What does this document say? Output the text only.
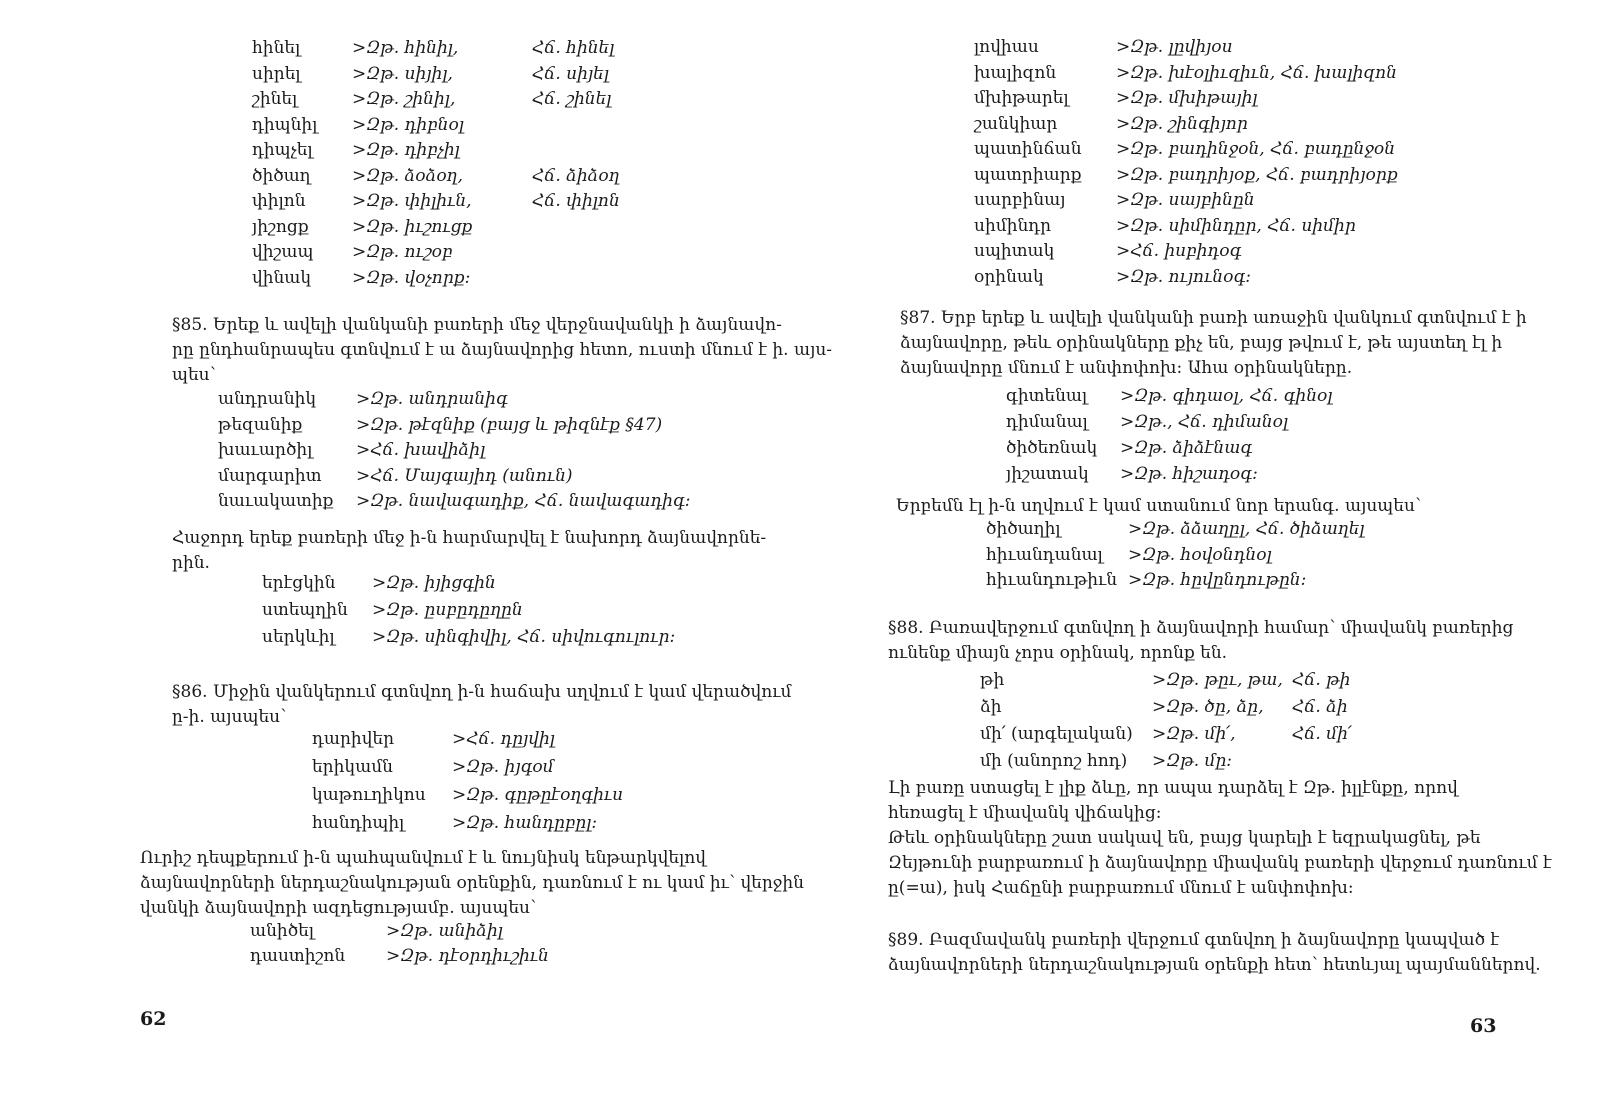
հինել	>Զթ. հինիլ,	Հճ. հինել
սիրել	>Զթ. սիյիլ,	Հճ. սիյել
շինել	>Զթ. շինիլ,	Հճ. շինել
դիպնիլ >Զթ. դիբնօլ
դիպչել >Զթ. դիբչիլ
ծիծաղ >Զթ. ձօձօղ,	Հճ. ձիձօղ
փիլոն	>Զթ. փիլիւն,	Հճ. փիլոն
յիշոցք	>Զթ. իւշուցք
վիշապ >Զթ. ուշօբ
վինակ >Զթ. վօչորք:
§85. Երեք և ավելի վանկանի բառերի մեջ վերջնավանկի ի ձայնավո-
րը ընդհանրապես գտնվում է ա ձայնավորից հետո, ուստի մնում է ի. այս-
պես՝
անդրանիկ >Զթ. անդրանիգ
թեզանիք	>Զթ. թէզնիք (բայց և թիզնէք §47)
խաւարծիլ	>Հճ. խավիձիլ
մարգարիտ >Հճ. Մայգայիդ (անուն)
նաւակատիք >Զթ. նավագադիք, Հճ. նավագադիգ:
Հաջորդ երեք բառերի մեջ ի-ն հարմարվել է նախորդ ձայնավորնե-
րին.
երէցկին >Զթ. իյիցգին
ստեպղին >Զթ. ըսբըդըղըն
սերկևիլ >Զթ. սինգիվիլ, Հճ. սիվուգուլուր:
§86. Միջին վանկերում գտնվող ի-ն հաճախ սղվում է կամ վերածվում
ը-ի. այսպես՝
դարիվեր	>Հճ. դըյվիլ
երիկամն	>Զթ. իյգօմ
կաթուղիկոս >Զթ. գըթըէօղգիւս
հանդիպիլ	>Զթ. հանդըբըլ:
Ուրիշ դեպքերում ի-ն պահպանվում է և նույնիսկ ենթարկվելով
ձայնավորների ներդաշնակության օրենքին, դառնում է ու կամ իւ՝ վերջին
վանկի ձայնավորի ազդեցությամբ. այսպես՝
անիծել	>Զթ. անիձիլ
դաստիշոն >Զթ. դէօրդիւշիւն
62
լովիաս	>Զթ. լըվիյօս
խալիզոն	>Զթ. խէօլիւզիւն, Հճ. խալիզոն
մխիթարել	>Զթ. մխիթայիլ
շանկիար	>Զթ. շինգիյոր
պատինճան >Զթ. բադինջօն, Հճ. բադընջօն
պատրիարք >Զթ. բադրիյօք, Հճ. բադրիյօրք
սարբինայ	>Զթ. սայբինըն
սիմինդր	>Զթ. սիմինդըր, Հճ. սիմիր
սպիտակ	>Հճ. իսբիդօգ
օրինակ	>Զթ. ույունօգ:
§87. Երբ երեք և ավելի վանկանի բառի առաջին վանկում գտնվում է ի
ձայնավորը, թեև օրինակները քիչ են, բայց թվում է, թե այստեղ էլ ի
ձայնավորը մնում է անփոփոխ: Ահա օրինակները.
գիտենալ >Զթ. գիդաօլ, Հճ. գինօլ
դիմանալ >Զթ., Հճ. դիմանօլ
ծիծեռնակ >Զթ. ձիձէնագ
յիշատակ >Զթ. հիշադօգ:
Երբեմն էլ ի-ն սղվում է կամ ստանում նոր երանգ. այսպես՝
ծիծաղիլ	>Զթ. ձձաղըլ, Հճ. ծիձաղել
հիւանդանալ >Զթ. հօվօնդնօլ
հիւանդութիւն >Զթ. հըվընդութըն:
§88. Բառավերջում գտնվող ի ձայնավորի համար՝ միավանկ բառերից
ունենք միայն չորս օրինակ, որոնք են.
թի	>Զթ. թըւ, թա, Հճ. թի
ձի	>Զթ. ծը, ձը, Հճ. ձի
մի՛ (արգելական) >Զթ. մի՛,	Հճ. մի՛
մի (անորոշ հոդ) >Զթ. մը:
Լի բառը ստացել է լիք ձևը, որ ապա դարձել է Զթ. իլլէնքը, որով
հեռացել է միավանկ վիճակից:
Թեև օրինակները շատ սակավ են, բայց կարելի է եզրակացնել, թե
Զեյթունի բարբառում ի ձայնավորը միավանկ բառերի վերջում դառնում է
ը(=ա), իսկ Հաճընի բարբառում մնում է անփոփոխ:
§89. Բազմավանկ բառերի վերջում գտնվող ի ձայնավորը կապված է
ձայնավորների ներդաշնակության օրենքի հետ՝ հետևյալ պայմաններով.
63
